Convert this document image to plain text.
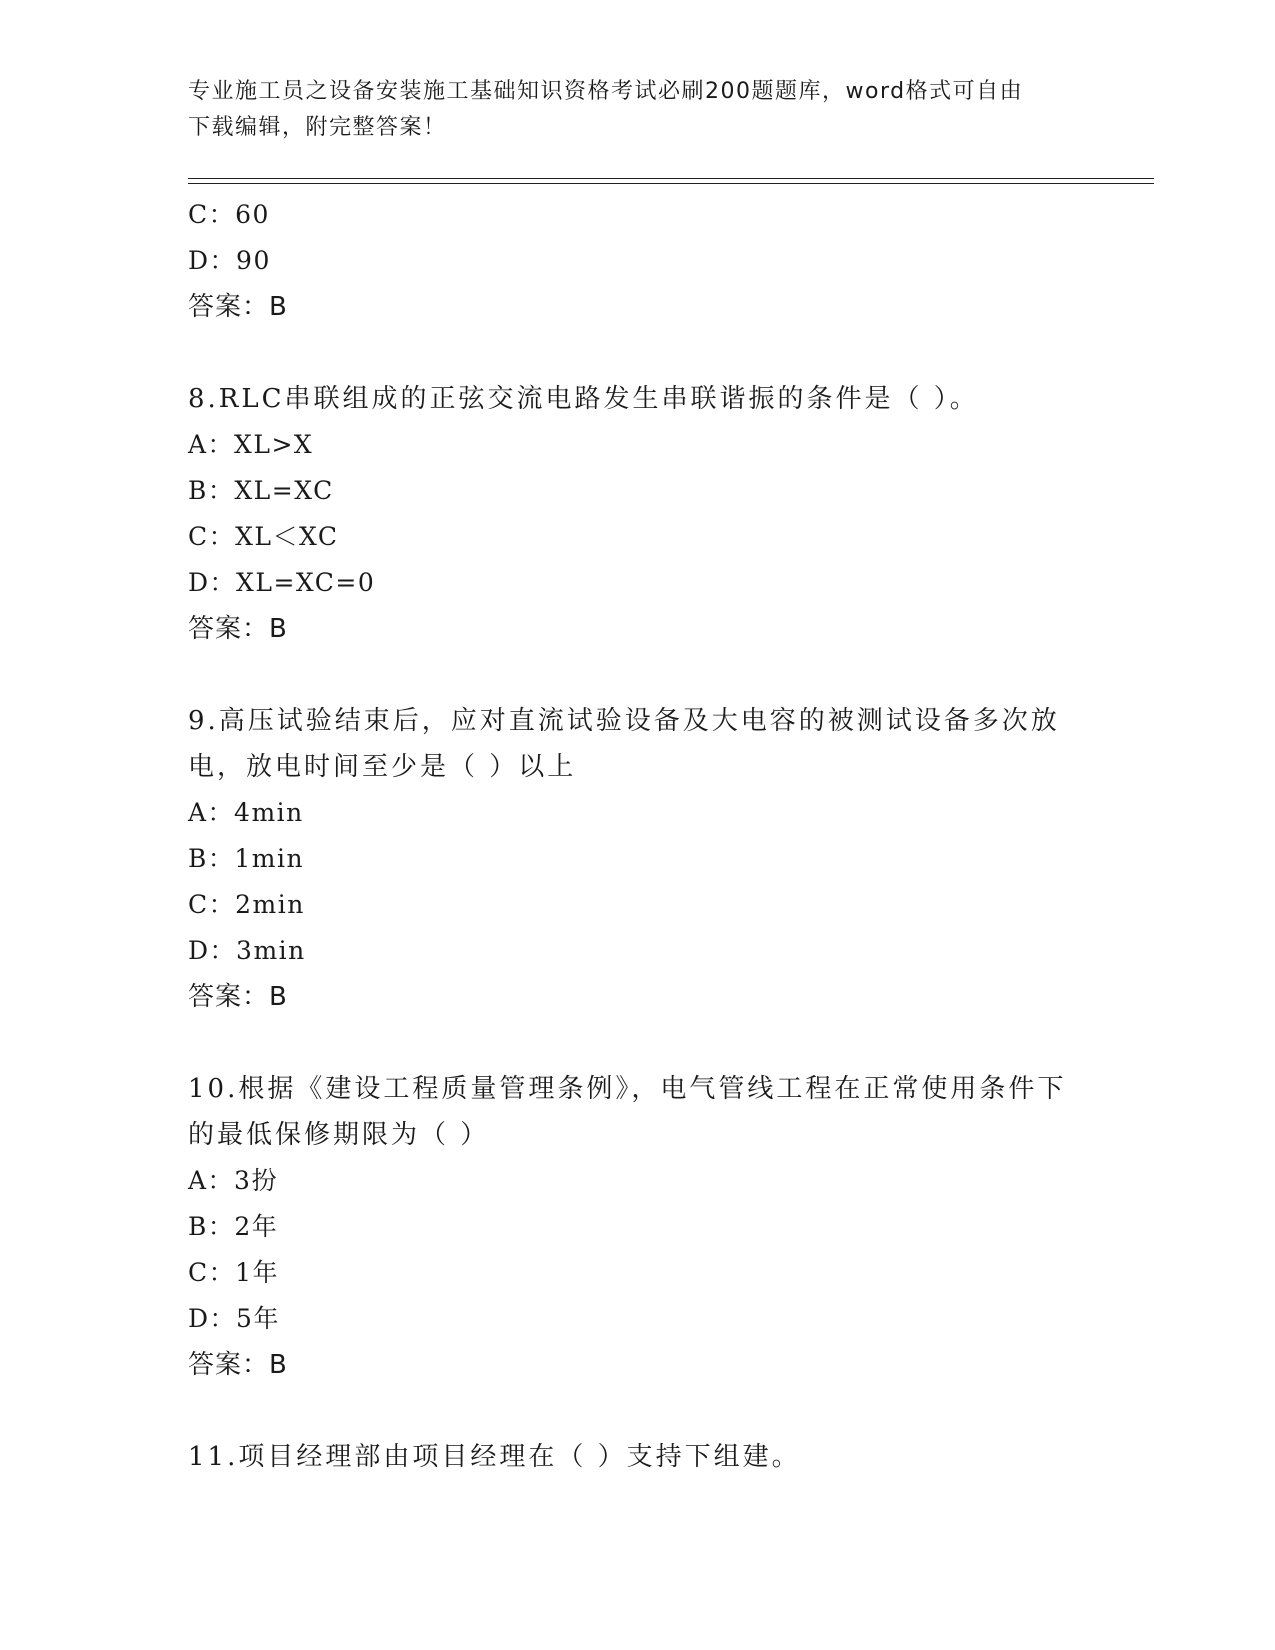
专业施工员之设备安装施工基础知识资格考试必刷200题题库，word格式可自由
下载编辑，附完整答案！
C：60
D：90
答案：B
8.RLC串联组成的正弦交流电路发生串联谐振的条件是（ ）。
A：XL>X
B：XL=XC
C：XL＜XC
D：XL=XC=0
答案：B
9.高压试验结束后，应对直流试验设备及大电容的被测试设备多次放
电，放电时间至少是（ ）以上
A：4min
B：1min
C：2min
D：3min
答案：B
10.根据《建设工程质量管理条例》，电气管线工程在正常使用条件下
的最低保修期限为（ ）
A：3扮
B：2年
C：1年
D：5年
答案：B
11.项目经理部由项目经理在（ ）支持下组建。
